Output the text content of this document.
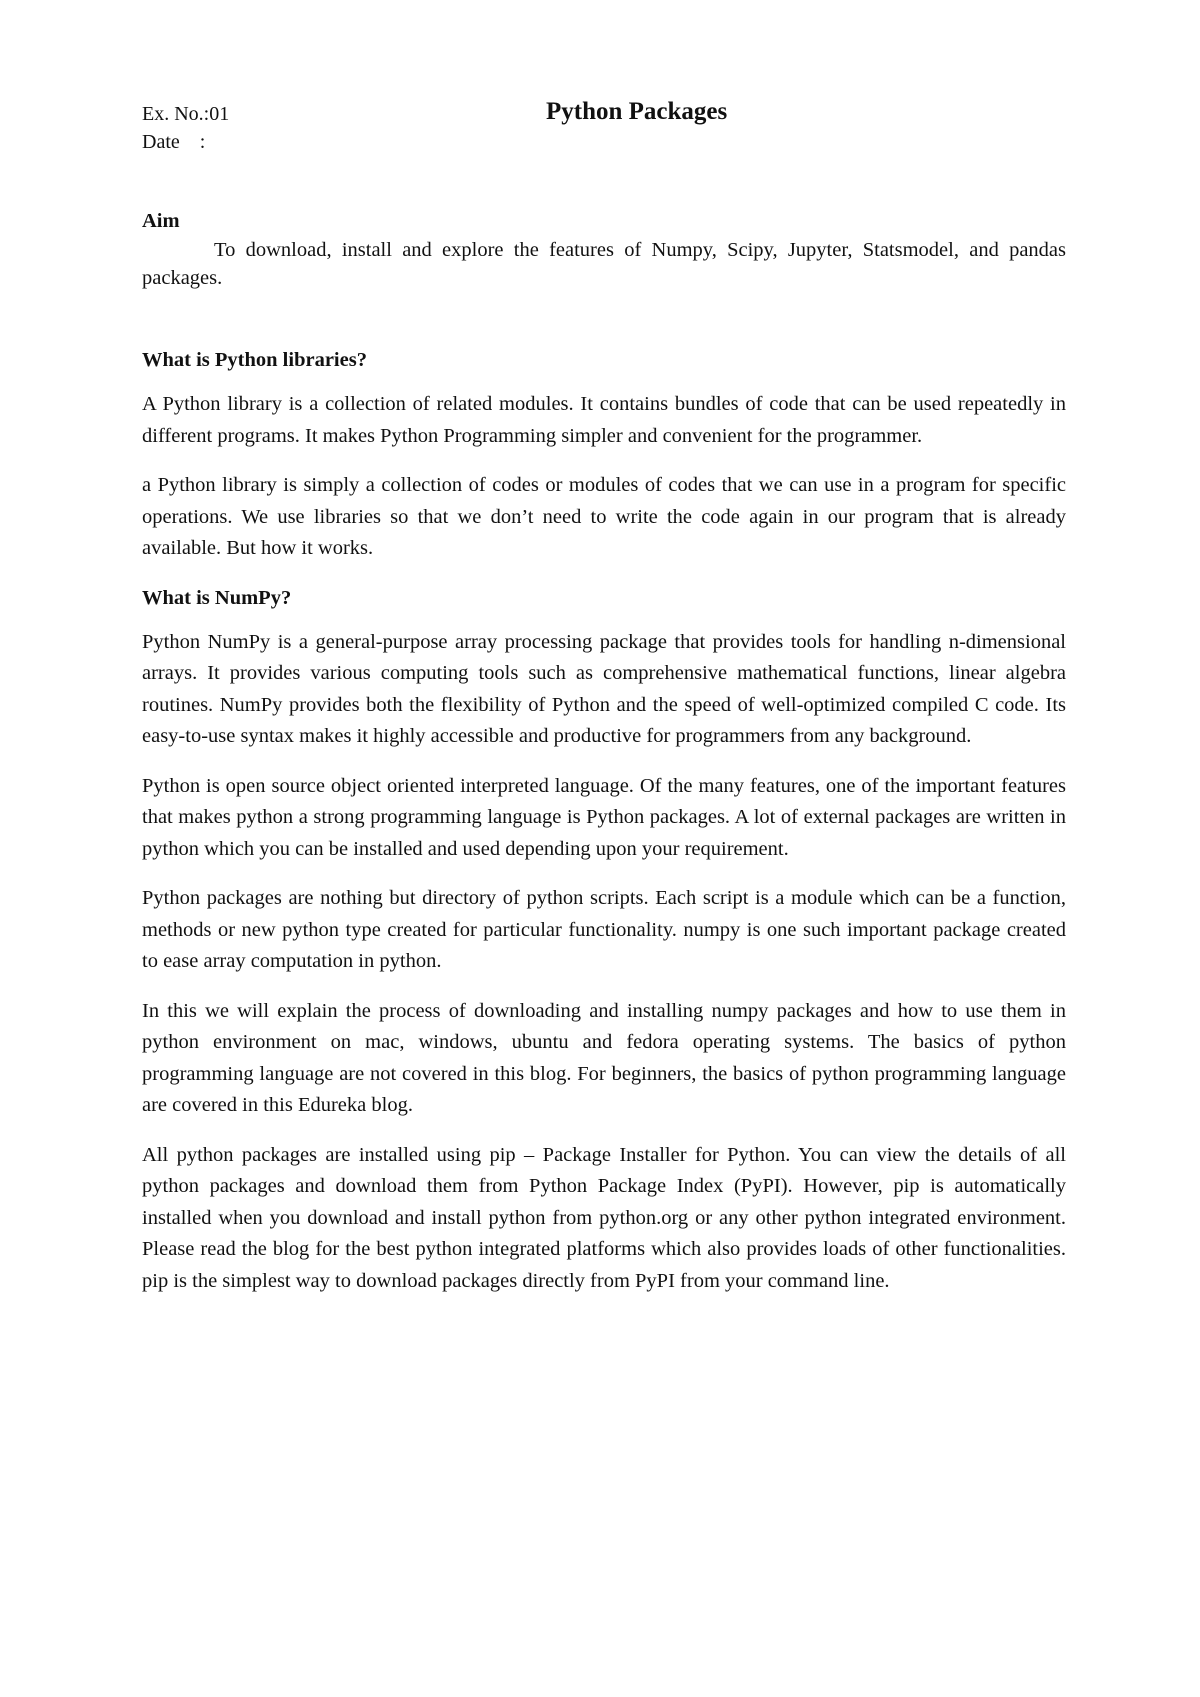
Ex. No.:01
Date    :
Python Packages

Aim

To download, install and explore the features of Numpy, Scipy, Jupyter, Statsmodel, and pandas packages.

What is Python libraries?

A Python library is a collection of related modules. It contains bundles of code that can be used repeatedly in different programs. It makes Python Programming simpler and convenient for the programmer.

a Python library is simply a collection of codes or modules of codes that we can use in a program for specific operations. We use libraries so that we don’t need to write the code again in our program that is already available. But how it works.

What is NumPy?

Python NumPy is a general-purpose array processing package that provides tools for handling n-dimensional arrays. It provides various computing tools such as comprehensive mathematical functions, linear algebra routines. NumPy provides both the flexibility of Python and the speed of well-optimized compiled C code. Its easy-to-use syntax makes it highly accessible and productive for programmers from any background.

Python is open source object oriented interpreted language. Of the many features, one of the important features that makes python a strong programming language is Python packages. A lot of external packages are written in python which you can be installed and used depending upon your requirement.

Python packages are nothing but directory of python scripts. Each script is a module which can be a function, methods or new python type created for particular functionality. numpy is one such important package created to ease array computation in python.

In this we will explain the process of downloading and installing numpy packages and how to use them in python environment on mac, windows, ubuntu and fedora operating systems. The basics of python programming language are not covered in this blog. For beginners, the basics of python programming language are covered in this Edureka blog.

All python packages are installed using pip – Package Installer for Python. You can view the details of all python packages and download them from Python Package Index (PyPI). However, pip is automatically installed when you download and install python from python.org or any other python integrated environment. Please read the blog for the best python integrated platforms which also provides loads of other functionalities. pip is the simplest way to download packages directly from PyPI from your command line.
